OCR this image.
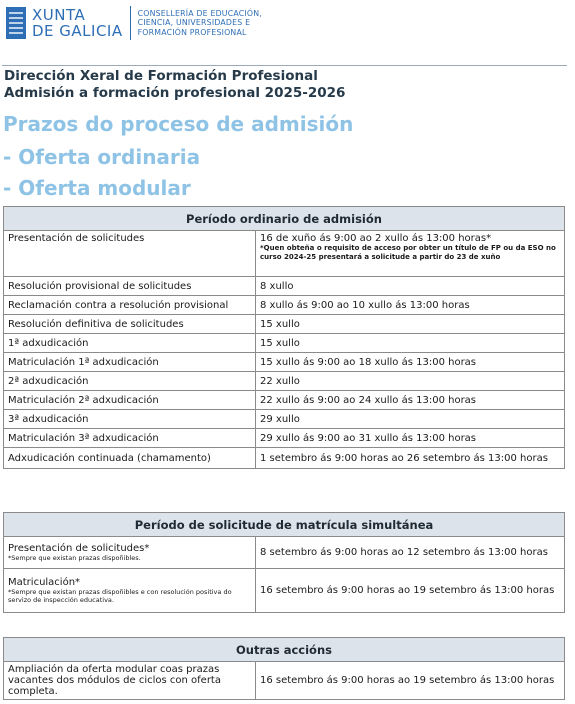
XUNTA
DE GALICIA
CONSELLERÍA DE EDUCACIÓN,
CIENCIA, UNIVERSIDADES E
FORMACIÓN PROFESIONAL
Dirección Xeral de Formación Profesional
Admisión a formación profesional 2025-2026
Prazos do proceso de admisión
- Oferta ordinaria
- Oferta modular
Período ordinario de admisión	
Presentación de solicitudes	16 de xuño ás 9:00 ao 2 xullo ás 13:00 horas*
*Quen obteña o requisito de acceso por obter un título de FP ou da ESO no curso 2024-25 presentará a solicitude a partir do 23 de xuño

Resolución provisional de solicitudes	8 xullo
Reclamación contra a resolución provisional	8 xullo ás 9:00 ao 10 xullo ás 13:00 horas
Resolución definitiva de solicitudes	15 xullo
1ª adxudicación	15 xullo
Matriculación 1ª adxudicación	15 xullo ás 9:00 ao 18 xullo ás 13:00 horas
2ª adxudicación	22 xullo
Matriculación 2ª adxudicación	22 xullo ás 9:00 ao 24 xullo ás 13:00 horas
3ª adxudicación	29 xullo
Matriculación 3ª adxudicación	29 xullo ás 9:00 ao 31 xullo ás 13:00 horas
Adxudicación continuada (chamamento)	1 setembro ás 9:00 horas ao 26 setembro ás 13:00 horas
Período de solicitude de matrícula simultánea	

Presentación de solicitudes*
*Sempre que existan prazas dispoñibles.	8 setembro ás 9:00 horas ao 12 setembro ás 13:00 horas

Matriculación*
*Sempre que existan prazas dispoñibles e con resolución positiva do servizo de inspección educativa.	16 setembro ás 9:00 horas ao 19 setembro ás 13:00 horas
Outras accións
Ampliación da oferta modular coas prazas vacantes dos módulos de ciclos con oferta completa.	16 setembro ás 9:00 horas ao 19 setembro ás 13:00 horas
